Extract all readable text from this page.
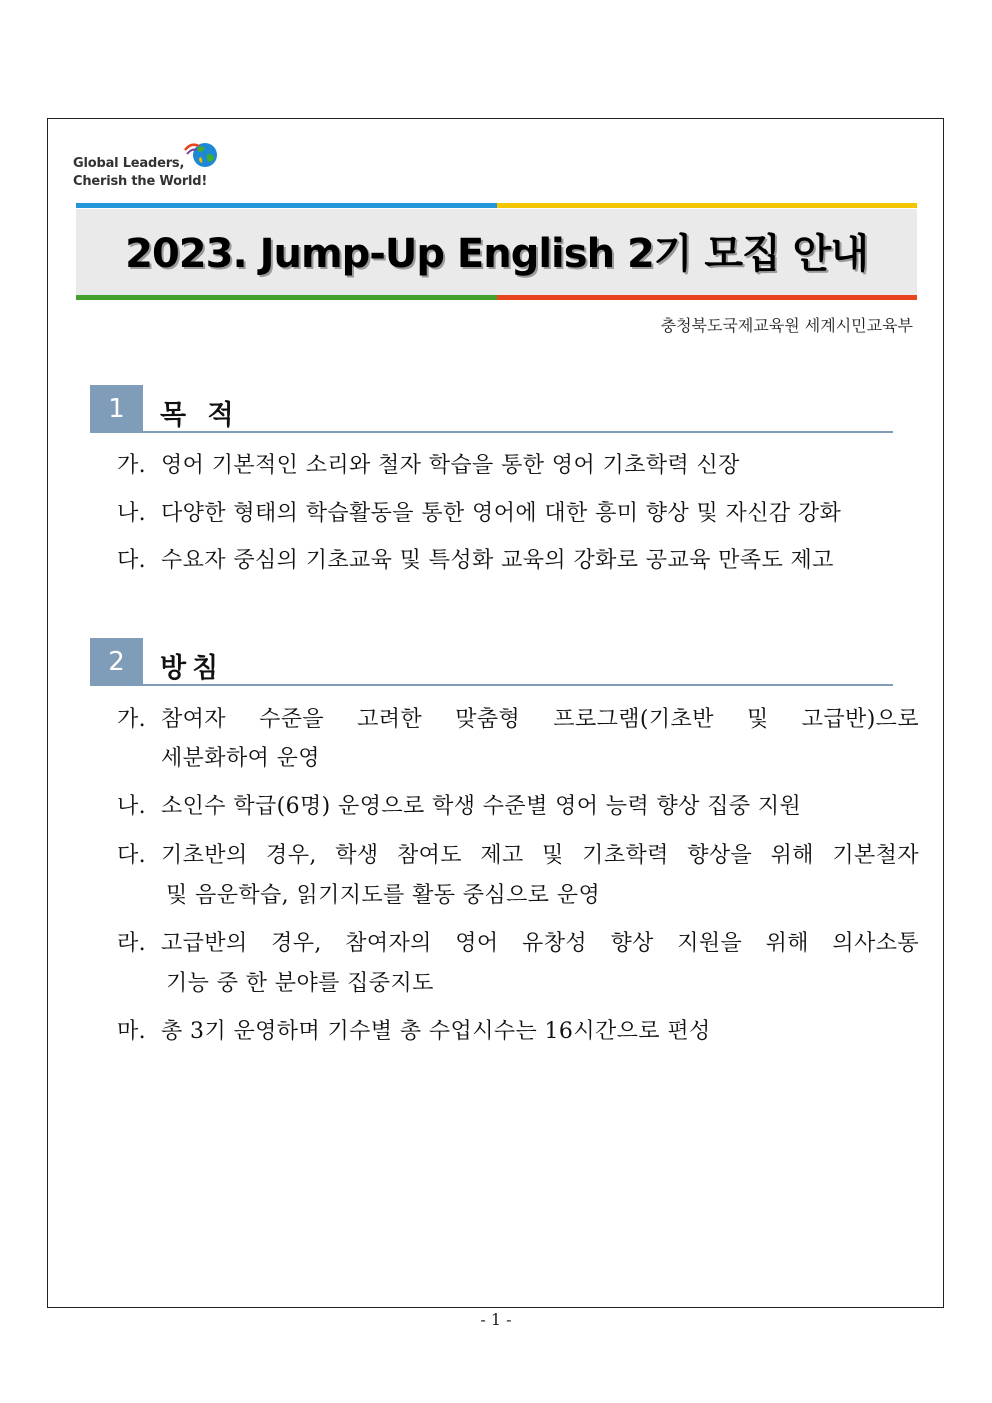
Global Leaders,
Cherish the World!
2023. Jump-Up English 2기 모집 안내
충청북도국제교육원 세계시민교육부
1	목 적
가. 영어 기본적인 소리와 철자 학습을 통한 영어 기초학력 신장
나. 다양한 형태의 학습활동을 통한 영어에 대한 흥미 향상 및 자신감 강화
다. 수요자 중심의 기초교육 및 특성화 교육의 강화로 공교육 만족도 제고
2	방침
가. 참여자 수준을 고려한 맞춤형 프로그램(기초반 및 고급반)으로
세분화하여 운영
나. 소인수 학급(6명) 운영으로 학생 수준별 영어 능력 향상 집중 지원
다. 기초반의 경우, 학생 참여도 제고 및 기초학력 향상을 위해 기본철자
및 음운학습, 읽기지도를 활동 중심으로 운영
라. 고급반의 경우, 참여자의 영어 유창성 향상 지원을 위해 의사소통
기능 중 한 분야를 집중지도
마. 총 3기 운영하며 기수별 총 수업시수는 16시간으로 편성
- 1 -
